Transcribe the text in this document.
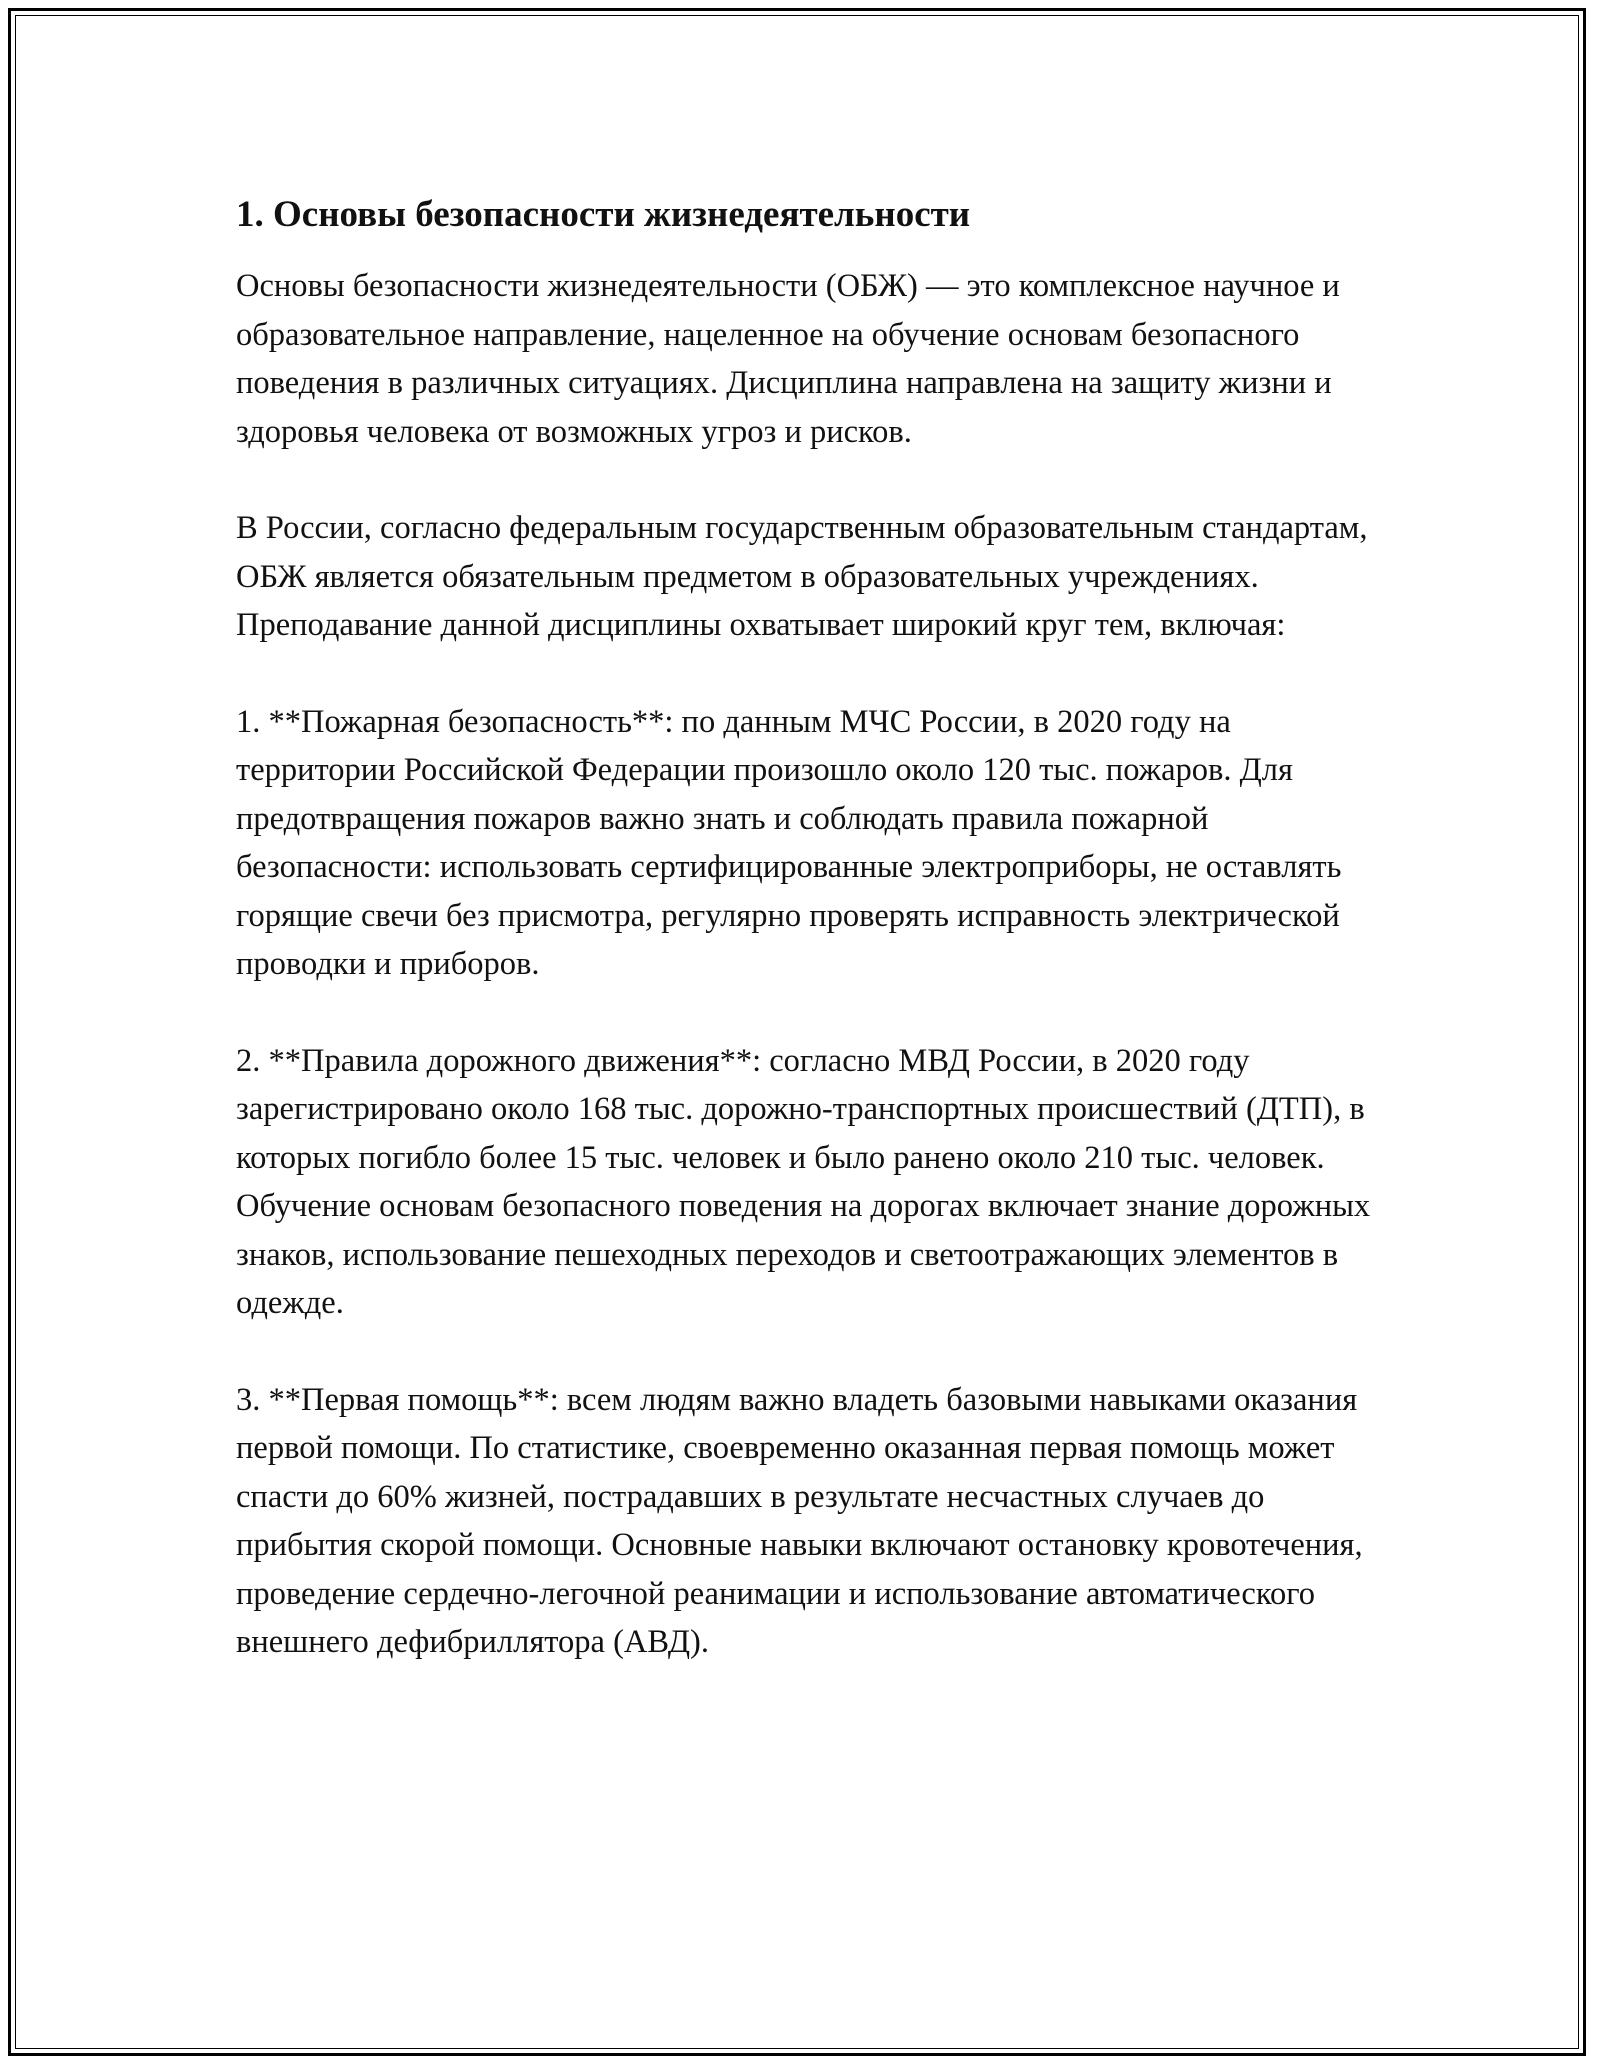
1. Основы безопасности жизнедеятельности

Основы безопасности жизнедеятельности (ОБЖ) — это комплексное научное и образовательное направление, нацеленное на обучение основам безопасного поведения в различных ситуациях. Дисциплина направлена на защиту жизни и здоровья человека от возможных угроз и рисков.

В России, согласно федеральным государственным образовательным стандартам, ОБЖ является обязательным предметом в образовательных учреждениях. Преподавание данной дисциплины охватывает широкий круг тем, включая:

1. **Пожарная безопасность**: по данным МЧС России, в 2020 году на территории Российской Федерации произошло около 120 тыс. пожаров. Для предотвращения пожаров важно знать и соблюдать правила пожарной безопасности: использовать сертифицированные электроприборы, не оставлять горящие свечи без присмотра, регулярно проверять исправность электрической проводки и приборов.

2. **Правила дорожного движения**: согласно МВД России, в 2020 году зарегистрировано около 168 тыс. дорожно-транспортных происшествий (ДТП), в которых погибло более 15 тыс. человек и было ранено около 210 тыс. человек. Обучение основам безопасного поведения на дорогах включает знание дорожных знаков, использование пешеходных переходов и светоотражающих элементов в одежде.

3. **Первая помощь**: всем людям важно владеть базовыми навыками оказания первой помощи. По статистике, своевременно оказанная первая помощь может спасти до 60% жизней, пострадавших в результате несчастных случаев до прибытия скорой помощи. Основные навыки включают остановку кровотечения, проведение сердечно-легочной реанимации и использование автоматического внешнего дефибриллятора (АВД).
